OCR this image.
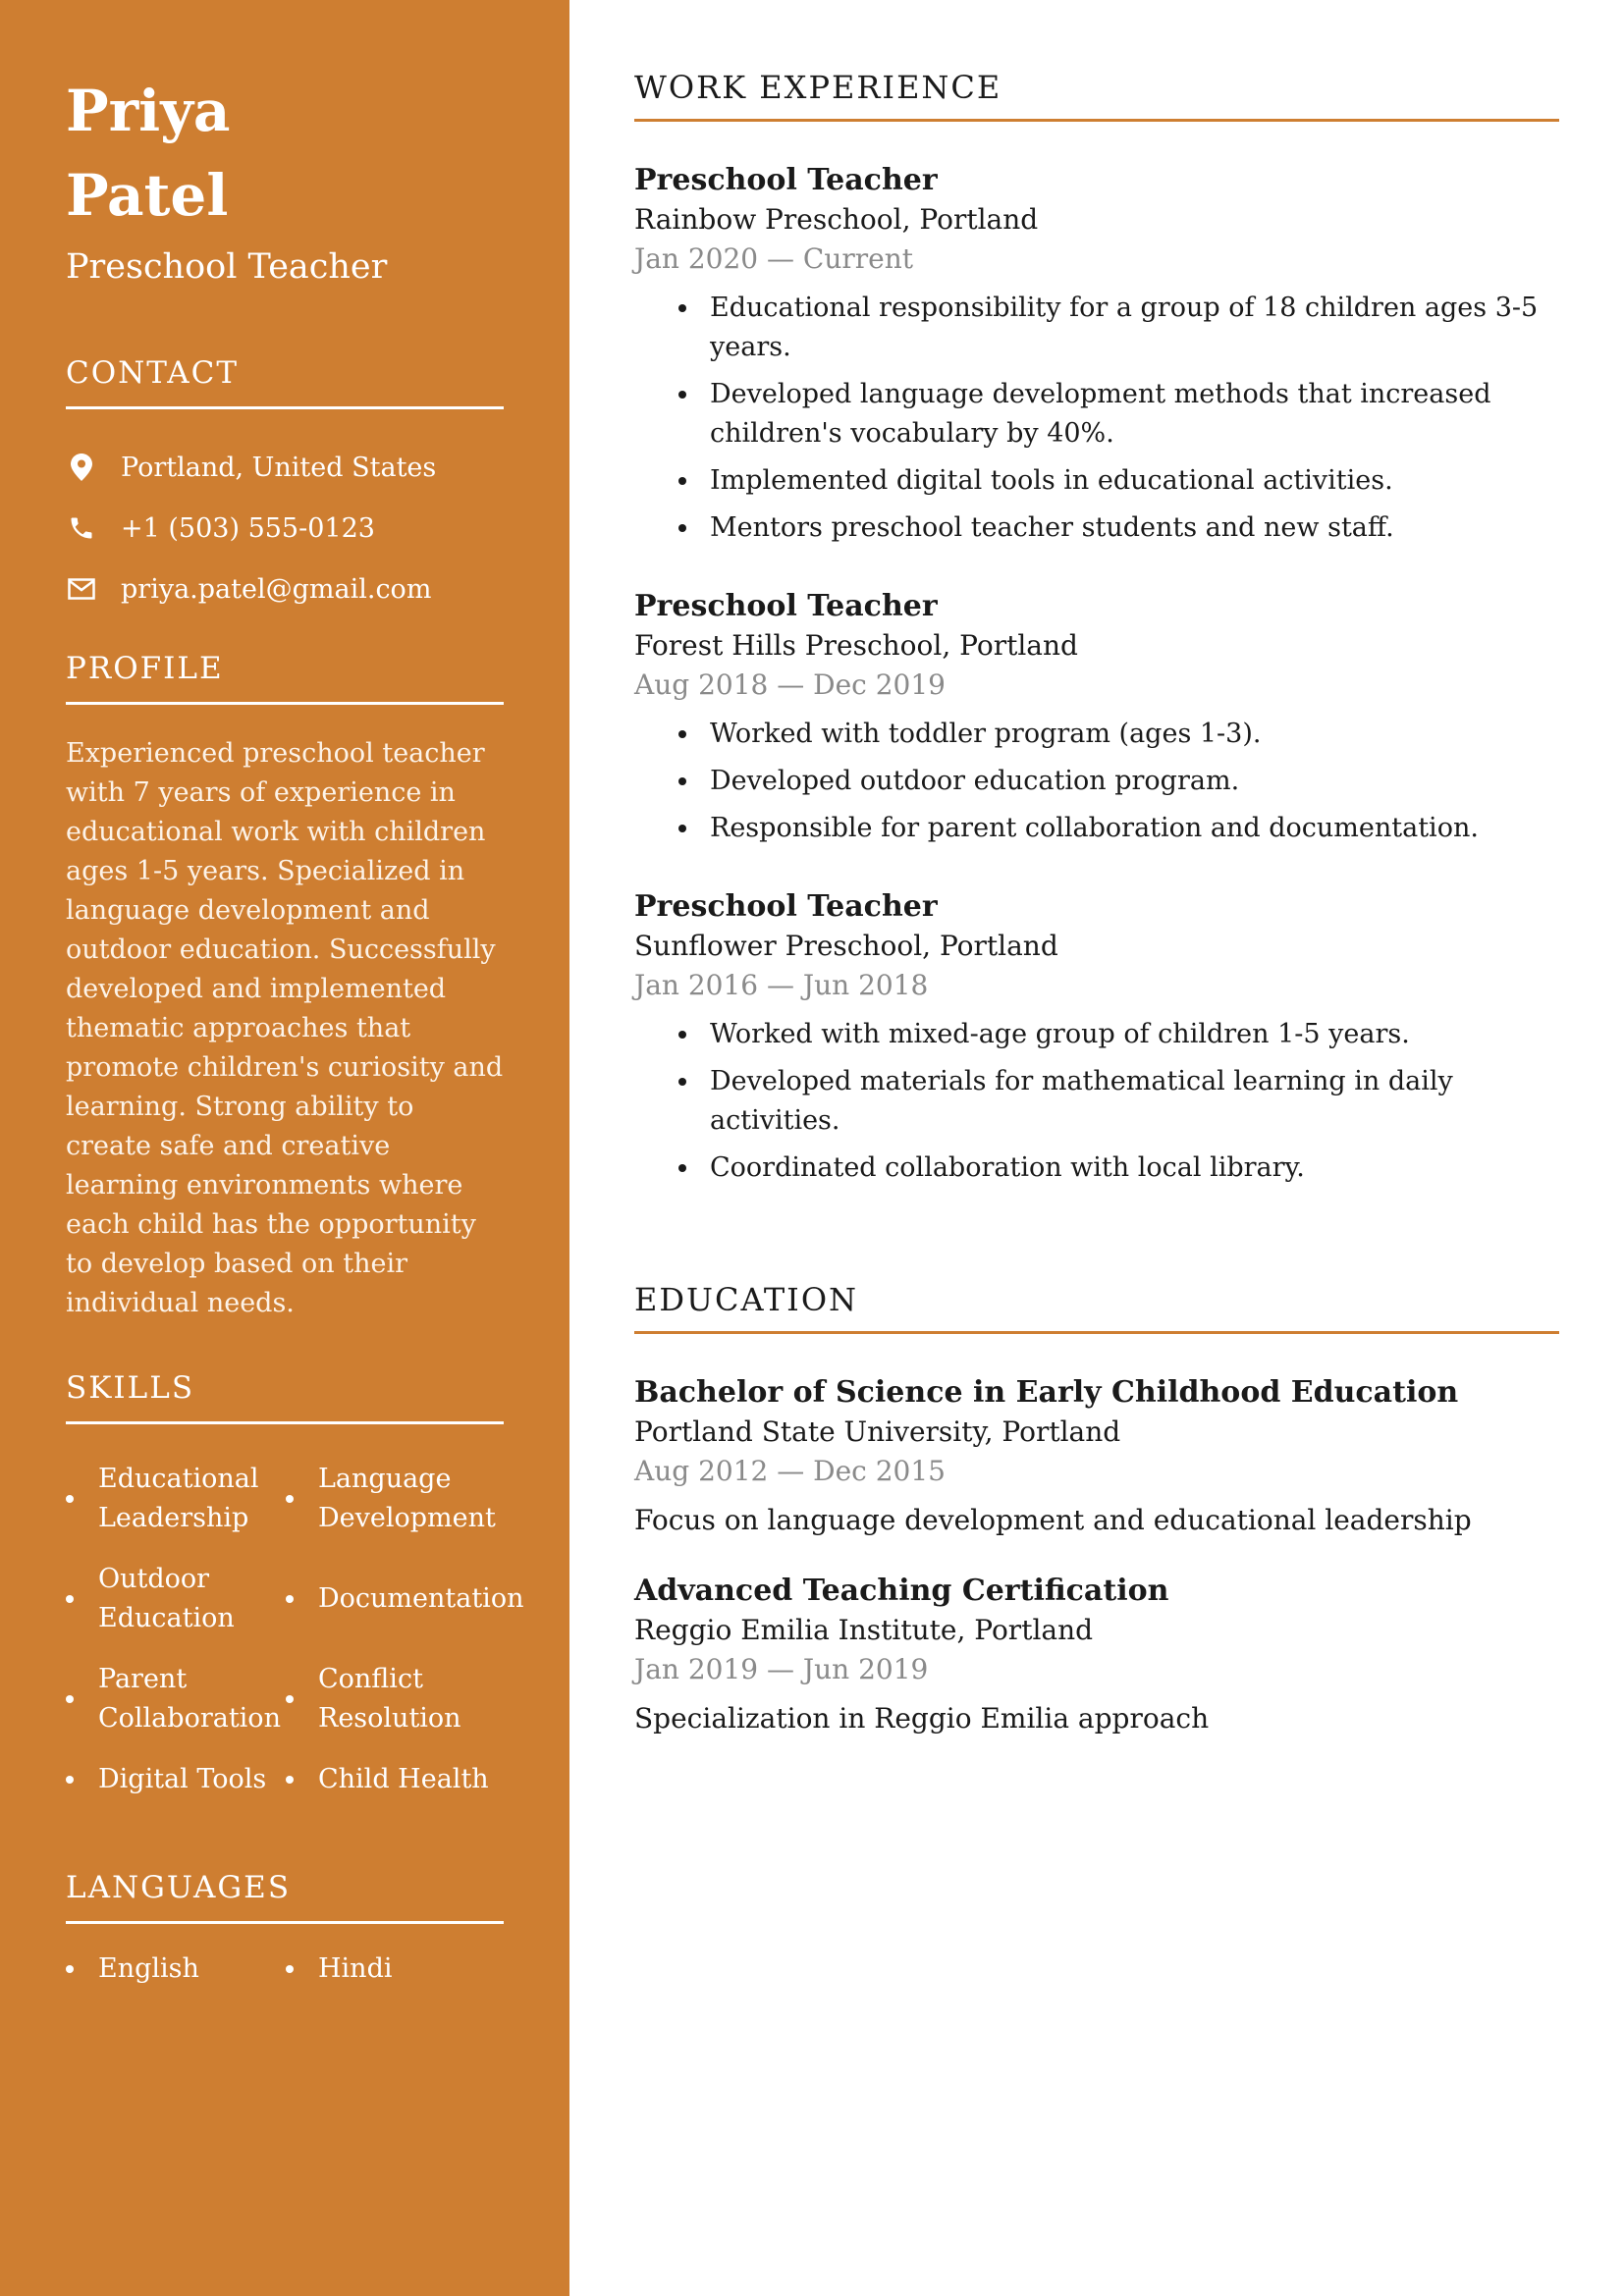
Priya
Patel
Preschool Teacher
CONTACT
Portland, United States
+1 (503) 555-0123
priya.patel@gmail.com
PROFILE
Experienced preschool teacher with 7 years of experience in educational work with children ages 1-5 years. Specialized in language development and outdoor education. Successfully developed and implemented thematic approaches that promote children's curiosity and learning. Strong ability to create safe and creative learning environments where each child has the opportunity to develop based on their individual needs.
SKILLS
Educational Leadership
Language Development
Outdoor Education
Documentation
Parent Collaboration
Conflict Resolution
Digital Tools Child Health
LANGUAGES
English	Hindi
WORK EXPERIENCE
Preschool Teacher
Rainbow Preschool, Portland
Jan 2020 — Current
Educational responsibility for a group of 18 children ages 3-5 years.
Developed language development methods that increased children's vocabulary by 40%.
Implemented digital tools in educational activities.
Mentors preschool teacher students and new staff.
Preschool Teacher
Forest Hills Preschool, Portland
Aug 2018 — Dec 2019
Worked with toddler program (ages 1-3).
Developed outdoor education program.
Responsible for parent collaboration and documentation.
Preschool Teacher
Sunflower Preschool, Portland
Jan 2016 — Jun 2018
Worked with mixed-age group of children 1-5 years.
Developed materials for mathematical learning in daily activities.
Coordinated collaboration with local library.
EDUCATION
Bachelor of Science in Early Childhood Education
Portland State University, Portland
Aug 2012 — Dec 2015
Focus on language development and educational leadership
Advanced Teaching Certification
Reggio Emilia Institute, Portland
Jan 2019 — Jun 2019
Specialization in Reggio Emilia approach
